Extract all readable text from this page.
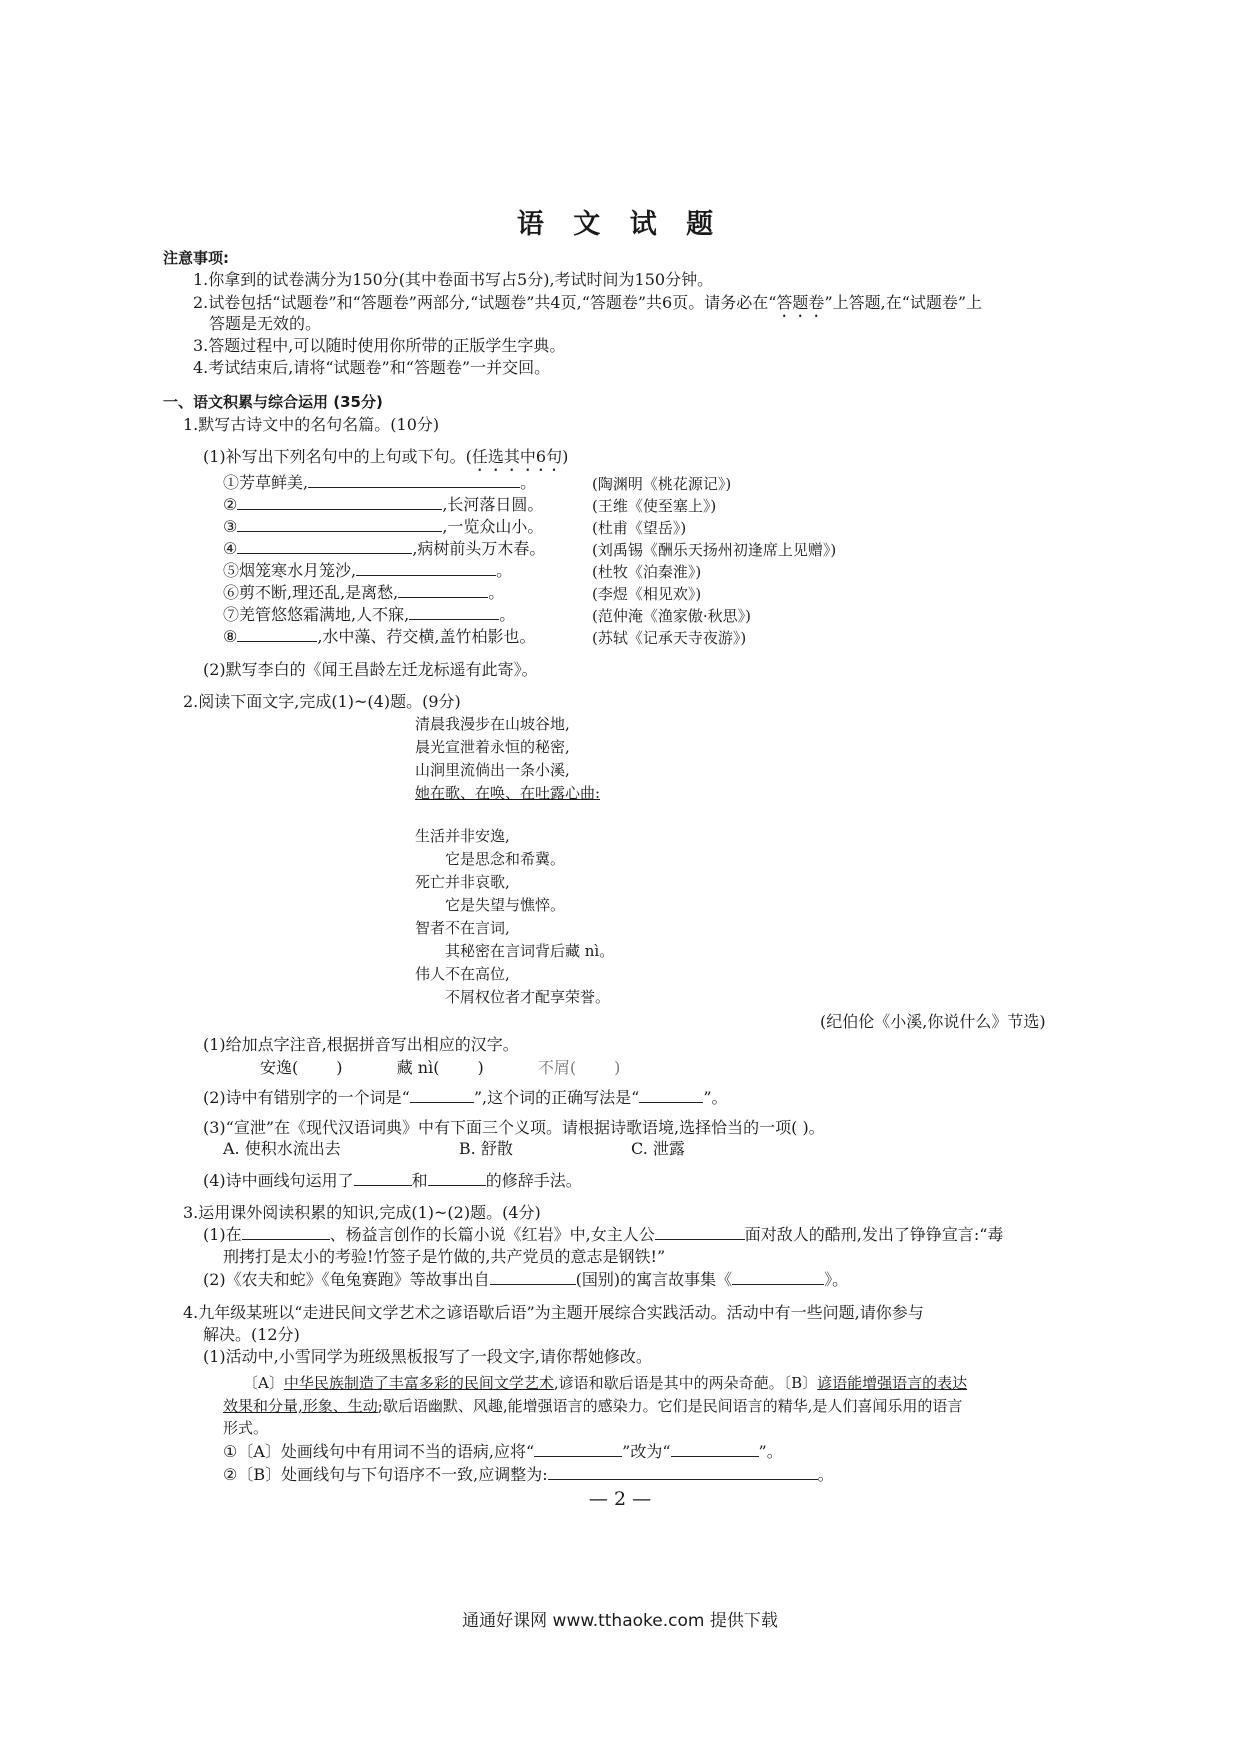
语 文 试 题
注意事项:
1.你拿到的试卷满分为150分(其中卷面书写占5分),考试时间为150分钟。
2.试卷包括“试题卷”和“答题卷”两部分,“试题卷”共4页,“答题卷”共6页。请务必在“答题卷”上答题,在“试题卷”上
答题是无效的。
3.答题过程中,可以随时使用你所带的正版学生字典。
4.考试结束后,请将“试题卷”和“答题卷”一并交回。
一、语文积累与综合运用 (35分)
1.默写古诗文中的名句名篇。(10分)
(1)补写出下列名句中的上句或下句。(任选其中6句)
①芳草鲜美,	。	(陶渊明《桃花源记》)
②	,长河落日圆。	(王维《使至塞上》)
③	,一览众山小。	(杜甫《望岳》)
④	,病树前头万木春。	(刘禹锡《酬乐天扬州初逢席上见赠》)
⑤烟笼寒水月笼沙,	。	(杜牧《泊秦淮》)
⑥剪不断,理还乱,是离愁,	。	(李煜《相见欢》)
⑦羌管悠悠霜满地,人不寐,	。	(范仲淹《渔家傲·秋思》)
⑧	,水中藻、荇交横,盖竹柏影也。	(苏轼《记承天寺夜游》)
(2)默写李白的《闻王昌龄左迁龙标遥有此寄》。
2.阅读下面文字,完成(1)~(4)题。(9分)
清晨我漫步在山坡谷地,
晨光宣泄着永恒的秘密,
山涧里流倘出一条小溪,
她在歌、在唤、在吐露心曲:
生活并非安逸,
它是思念和希冀。
死亡并非哀歌,
它是失望与憔悴。
智者不在言词,
其秘密在言词背后藏 nì。
伟人不在高位,
不屑权位者才配享荣誉。
(纪伯伦《小溪,你说什么》节选)
(1)给加点字注音,根据拼音写出相应的汉字。
安逸( )	藏 nì( )	不屑( )
(2)诗中有错别字的一个词是“	”,这个词的正确写法是“	”。
(3)“宣泄”在《现代汉语词典》中有下面三个义项。请根据诗歌语境,选择恰当的一项( )。
A. 使积水流出去	B. 舒散	C. 泄露
(4)诗中画线句运用了	和	的修辞手法。
3.运用课外阅读积累的知识,完成(1)~(2)题。(4分)
(1)在	、杨益言创作的长篇小说《红岩》中,女主人公	面对敌人的酷刑,发出了铮铮宣言:“毒
刑拷打是太小的考验!竹签子是竹做的,共产党员的意志是钢铁!”
(2)《农夫和蛇》《龟兔赛跑》等故事出自	(国别)的寓言故事集《	》。
4.九年级某班以“走进民间文学艺术之谚语歇后语”为主题开展综合实践活动。活动中有一些问题,请你参与
解决。(12分)
(1)活动中,小雪同学为班级黑板报写了一段文字,请你帮她修改。
〔A〕中华民族制造了丰富多彩的民间文学艺术,谚语和歇后语是其中的两朵奇葩。〔B〕谚语能增强语言的表达
效果和分量,形象、生动;歇后语幽默、风趣,能增强语言的感染力。它们是民间语言的精华,是人们喜闻乐用的语言
形式。
①〔A〕处画线句中有用词不当的语病,应将“	”改为“	”。
②〔B〕处画线句与下句语序不一致,应调整为:	。
— 2 —
通通好课网 www.tthaoke.com 提供下载
